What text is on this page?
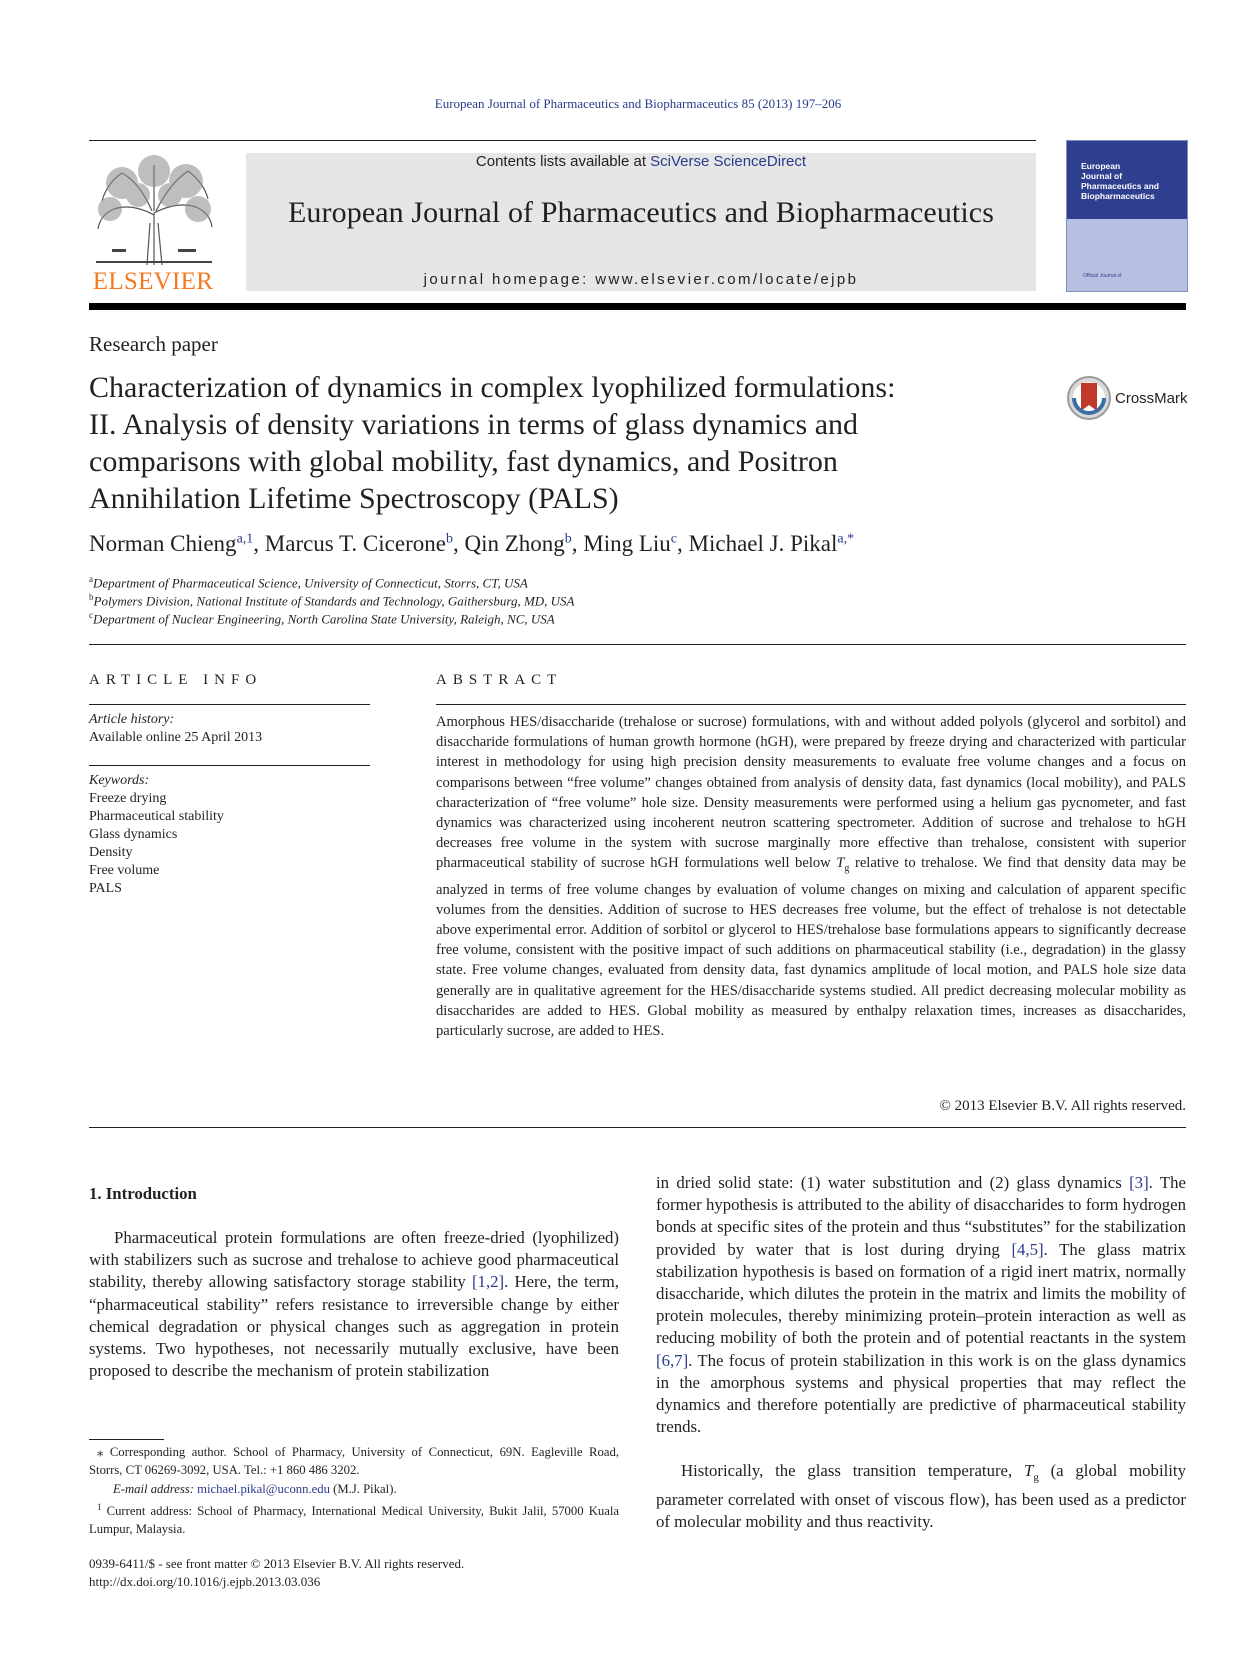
European Journal of Pharmaceutics and Biopharmaceutics 85 (2013) 197–206
ELSEVIER
Contents lists available at SciVerse ScienceDirect
European Journal of Pharmaceutics and Biopharmaceutics
journal homepage: www.elsevier.com/locate/ejpb
European
Journal of
Pharmaceutics and
Biopharmaceutics
Official Journal of
Research paper
Characterization of dynamics in complex lyophilized formulations:
II. Analysis of density variations in terms of glass dynamics and
comparisons with global mobility, fast dynamics, and Positron
Annihilation Lifetime Spectroscopy (PALS)
CrossMark
Norman Chieng$^{a,1}$, Marcus T. Cicerone$^b$, Qin Zhong$^b$, Ming Liu$^c$, Michael J. Pikal$^{a,*}$
$^a$Department of Pharmaceutical Science, University of Connecticut, Storrs, CT, USA
$^b$Polymers Division, National Institute of Standards and Technology, Gaithersburg, MD, USA
$^c$Department of Nuclear Engineering, North Carolina State University, Raleigh, NC, USA
ARTICLE INFO
Article history:
Available online 25 April 2013
Keywords:
Freeze drying
Pharmaceutical stability
Glass dynamics
Density
Free volume
PALS
ABSTRACT
Amorphous HES/disaccharide (trehalose or sucrose) formulations, with and without added polyols (glycerol and sorbitol) and disaccharide formulations of human growth hormone (hGH), were prepared by freeze drying and characterized with particular interest in methodology for using high precision density measurements to evaluate free volume changes and a focus on comparisons between “free volume” changes obtained from analysis of density data, fast dynamics (local mobility), and PALS characterization of “free volume” hole size. Density measurements were performed using a helium gas pycnometer, and fast dynamics was characterized using incoherent neutron scattering spectrometer. Addition of sucrose and trehalose to hGH decreases free volume in the system with sucrose marginally more effective than trehalose, consistent with superior pharmaceutical stability of sucrose hGH formulations well below $T_g$ relative to trehalose. We find that density data may be analyzed in terms of free volume changes by evaluation of volume changes on mixing and calculation of apparent specific volumes from the densities. Addition of sucrose to HES decreases free volume, but the effect of trehalose is not detectable above experimental error. Addition of sorbitol or glycerol to HES/trehalose base formulations appears to significantly decrease free volume, consistent with the positive impact of such additions on pharmaceutical stability (i.e., degradation) in the glassy state. Free volume changes, evaluated from density data, fast dynamics amplitude of local motion, and PALS hole size data generally are in qualitative agreement for the HES/disaccharide systems studied. All predict decreasing molecular mobility as disaccharides are added to HES. Global mobility as measured by enthalpy relaxation times, increases as disaccharides, particularly sucrose, are added to HES.
© 2013 Elsevier B.V. All rights reserved.
1. Introduction
Pharmaceutical protein formulations are often freeze-dried (lyophilized) with stabilizers such as sucrose and trehalose to achieve good pharmaceutical stability, thereby allowing satisfactory storage stability [1,2]. Here, the term, “pharmaceutical stability” refers resistance to irreversible change by either chemical degradation or physical changes such as aggregation in protein systems. Two hypotheses, not necessarily mutually exclusive, have been proposed to describe the mechanism of protein stabilization
⁎ Corresponding author. School of Pharmacy, University of Connecticut, 69N. Eagleville Road, Storrs, CT 06269-3092, USA. Tel.: +1 860 486 3202.
E-mail address: michael.pikal@uconn.edu (M.J. Pikal).
$^1$ Current address: School of Pharmacy, International Medical University, Bukit Jalil, 57000 Kuala Lumpur, Malaysia.
0939-6411/$ - see front matter © 2013 Elsevier B.V. All rights reserved.
http://dx.doi.org/10.1016/j.ejpb.2013.03.036
in dried solid state: (1) water substitution and (2) glass dynamics [3]. The former hypothesis is attributed to the ability of disaccharides to form hydrogen bonds at specific sites of the protein and thus “substitutes” for the stabilization provided by water that is lost during drying [4,5]. The glass matrix stabilization hypothesis is based on formation of a rigid inert matrix, normally disaccharide, which dilutes the protein in the matrix and limits the mobility of protein molecules, thereby minimizing protein–protein interaction as well as reducing mobility of both the protein and of potential reactants in the system [6,7]. The focus of protein stabilization in this work is on the glass dynamics in the amorphous systems and physical properties that may reflect the dynamics and therefore potentially are predictive of pharmaceutical stability trends.
Historically, the glass transition temperature, $T_g$ (a global mobility parameter correlated with onset of viscous flow), has been used as a predictor of molecular mobility and thus reactivity.
